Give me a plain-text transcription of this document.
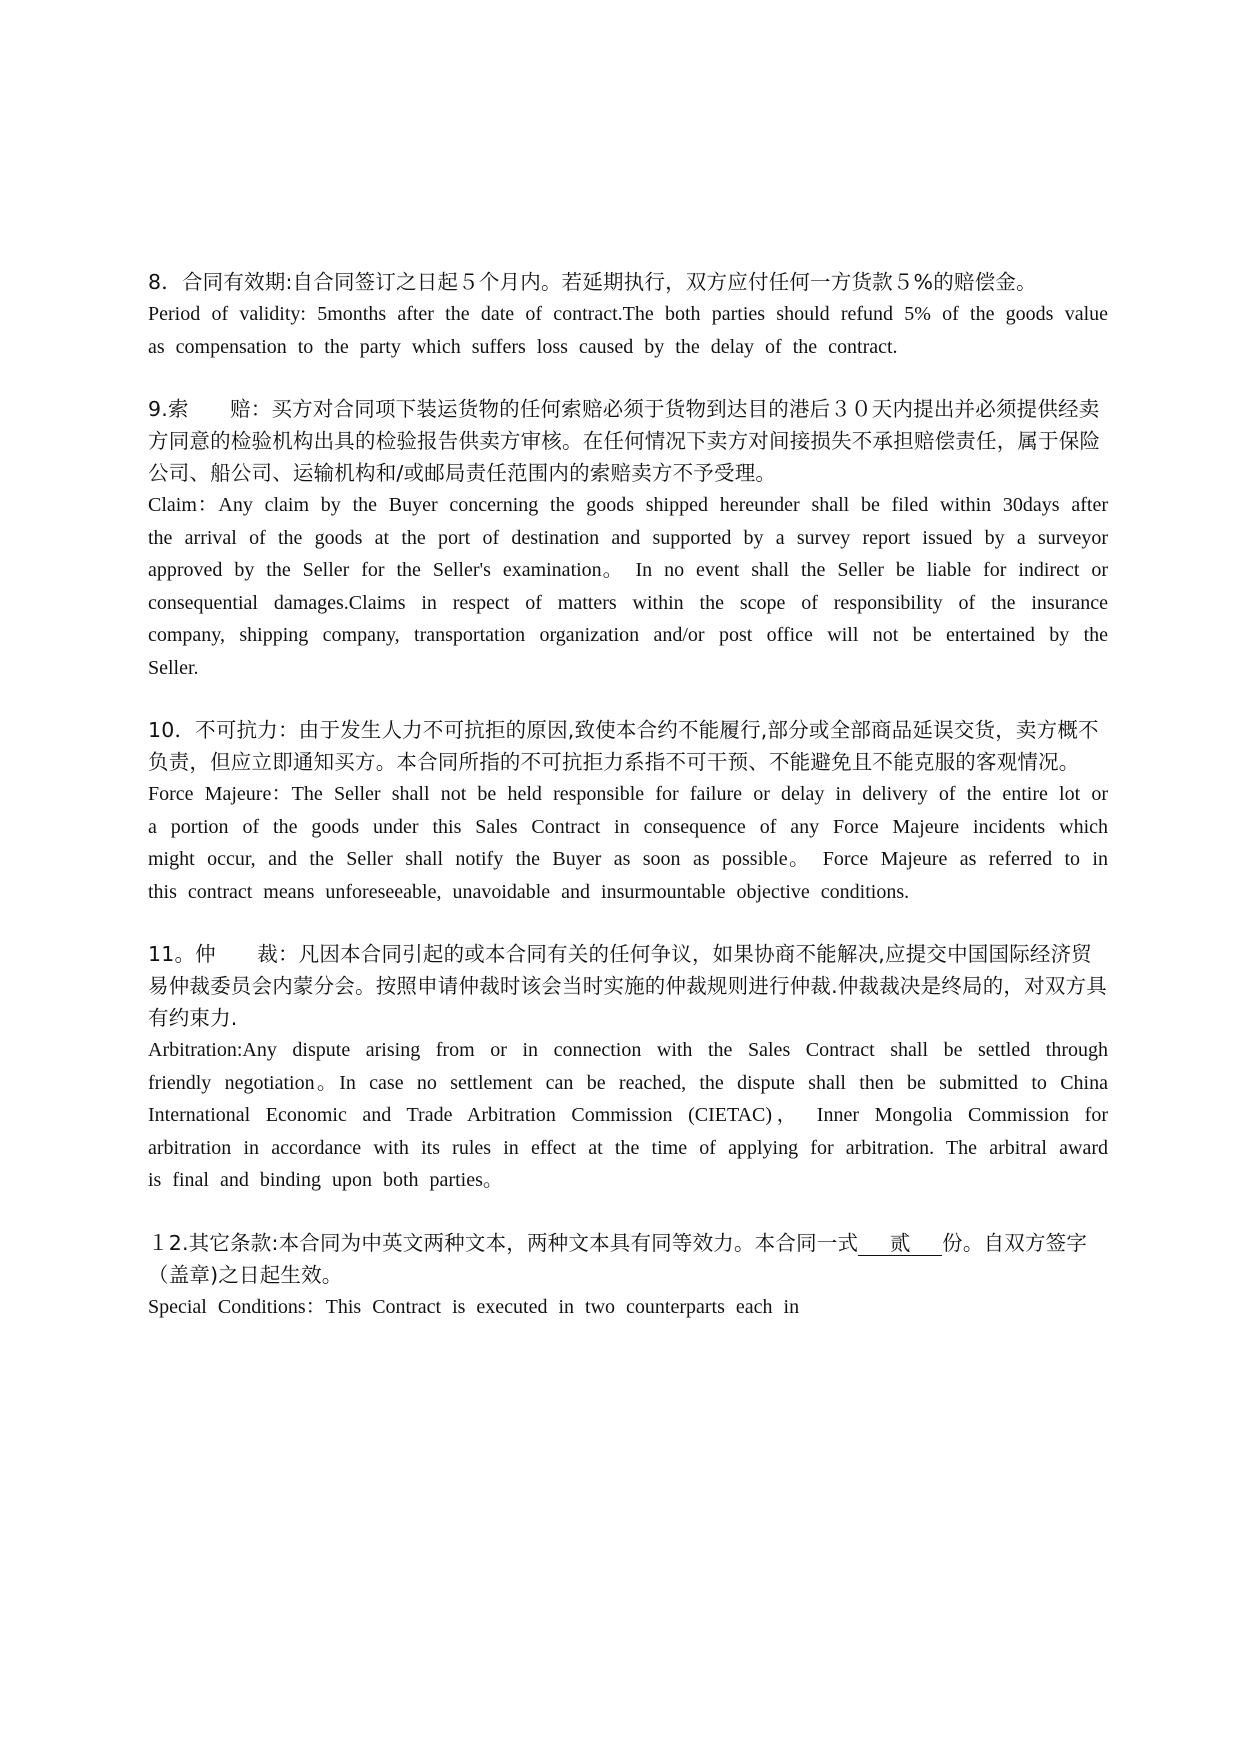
8．合同有效期:自合同签订之日起５个月内。若延期执行，双方应付任何一方货款５%的赔偿金。

Period of validity: 5months after the date of contract.The both parties should refund 5% of the goods value as compensation to the party which suffers loss caused by the delay of the contract.

9.索　　赔：买方对合同项下装运货物的任何索赔必须于货物到达目的港后３０天内提出并必须提供经卖方同意的检验机构出具的检验报告供卖方审核。在任何情况下卖方对间接损失不承担赔偿责任，属于保险公司、船公司、运输机构和/或邮局责任范围内的索赔卖方不予受理。

Claim：Any claim by the Buyer concerning the goods shipped hereunder shall be filed within 30days after the arrival of the goods at the port of destination and supported by a survey report issued by a surveyor approved by the Seller for the Seller's examination。 In no event shall the Seller be liable for indirect or consequential damages.Claims in respect of matters within the scope of responsibility of the insurance company, shipping company, transportation organization and/or post office will not be entertained by the Seller.

10．不可抗力：由于发生人力不可抗拒的原因,致使本合约不能履行,部分或全部商品延误交货，卖方概不负责，但应立即通知买方。本合同所指的不可抗拒力系指不可干预、不能避免且不能克服的客观情况。

Force Majeure：The Seller shall not be held responsible for failure or delay in delivery of the entire lot or a portion of the goods under this Sales Contract in consequence of any Force Majeure incidents which might occur, and the Seller shall notify the Buyer as soon as possible。 Force Majeure as referred to in this contract means unforeseeable, unavoidable and insurmountable objective conditions.

11。仲　　裁：凡因本合同引起的或本合同有关的任何争议，如果协商不能解决,应提交中国国际经济贸易仲裁委员会内蒙分会。按照申请仲裁时该会当时实施的仲裁规则进行仲裁.仲裁裁决是终局的，对双方具有约束力.

Arbitration:Any dispute arising from or in connection with the Sales Contract shall be settled through friendly negotiation。In case no settlement can be reached, the dispute shall then be submitted to China International Economic and Trade Arbitration Commission (CIETAC)， Inner Mongolia Commission for arbitration in accordance with its rules in effect at the time of applying for arbitration. The arbitral award is final and binding upon both parties。

１2.其它条款:本合同为中英文两种文本，两种文本具有同等效力。本合同一式 贰 份。自双方签字（盖章)之日起生效。

Special Conditions：This Contract is executed in two counterparts each in
